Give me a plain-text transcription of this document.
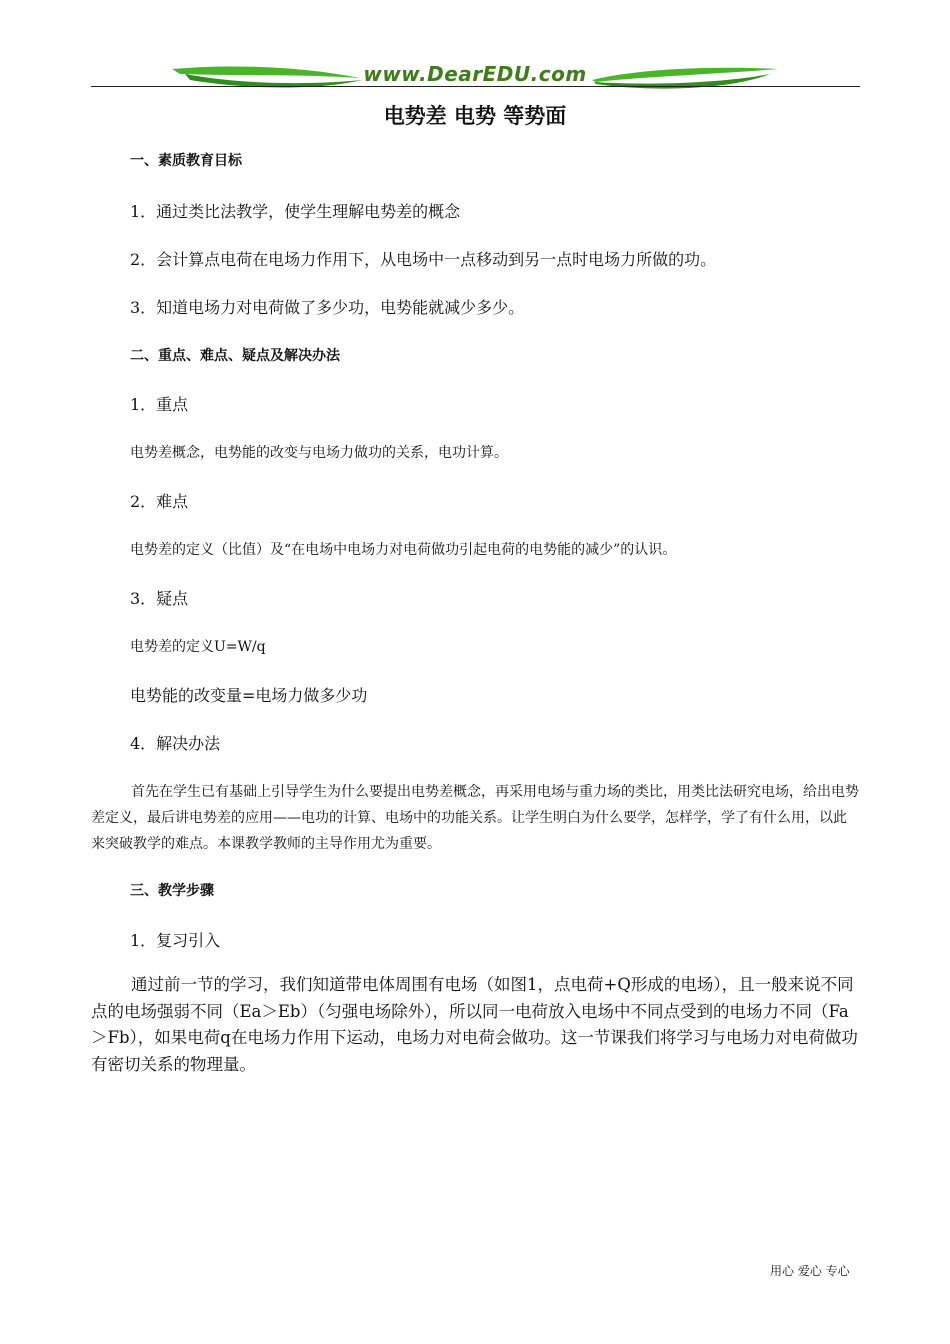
www.DearEDU.com
电势差 电势 等势面
一、素质教育目标
1．通过类比法教学，使学生理解电势差的概念
2．会计算点电荷在电场力作用下，从电场中一点移动到另一点时电场力所做的功。
3．知道电场力对电荷做了多少功，电势能就减少多少。
二、重点、难点、疑点及解决办法
1．重点
电势差概念，电势能的改变与电场力做功的关系，电功计算。
2．难点
电势差的定义（比值）及“在电场中电场力对电荷做功引起电荷的电势能的减少”的认识。
3．疑点
电势差的定义U=W/q
电势能的改变量=电场力做多少功
4．解决办法
首先在学生已有基础上引导学生为什么要提出电势差概念，再采用电场与重力场的类比，用类比法研究电场，给出电势差定义，最后讲电势差的应用——电功的计算、电场中的功能关系。让学生明白为什么要学，怎样学，学了有什么用，以此来突破教学的难点。本课教学教师的主导作用尤为重要。
三、教学步骤
1．复习引入
通过前一节的学习，我们知道带电体周围有电场（如图1，点电荷+Q形成的电场），且一般来说不同点的电场强弱不同（Ea＞Eb）（匀强电场除外），所以同一电荷放入电场中不同点受到的电场力不同（Fa＞Fb），如果电荷q在电场力作用下运动，电场力对电荷会做功。这一节课我们将学习与电场力对电荷做功有密切关系的物理量。
用心 爱心 专心
